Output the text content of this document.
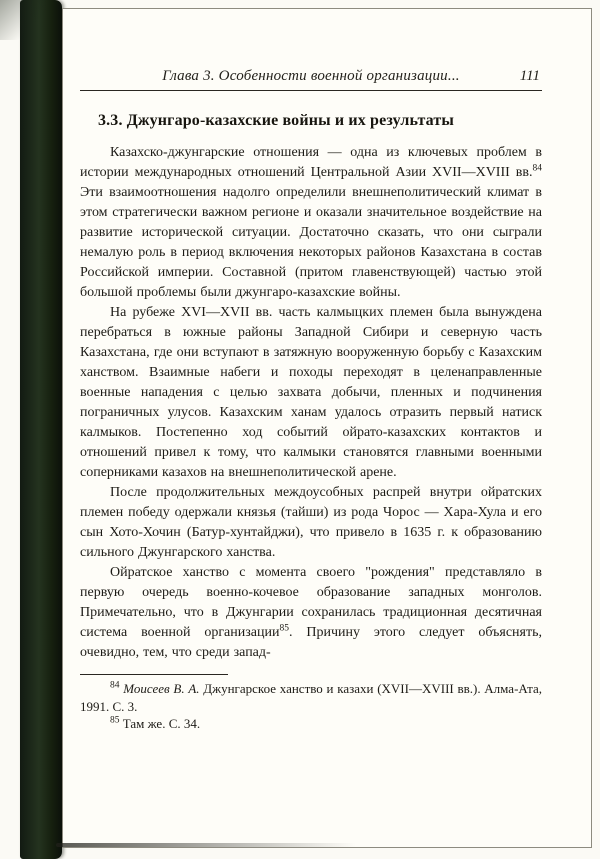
Глава 3. Особенности военной организации...	111
3.3. Джунгаро-казахские войны и их результаты

Казахско-джунгарские отношения — одна из ключевых проблем в истории международных отношений Центральной Азии XVII—XVIII вв.$^{84}$ Эти взаимоотношения надолго определили внешнеполитический климат в этом стратегически важном регионе и оказали значительное воздействие на развитие исторической ситуации. Достаточно сказать, что они сыграли немалую роль в период включения некоторых районов Казахстана в состав Российской империи. Составной (притом главенствующей) частью этой большой проблемы были джунгаро-казахские войны.

На рубеже XVI—XVII вв. часть калмыцких племен была вынуждена перебраться в южные районы Западной Сибири и северную часть Казахстана, где они вступают в затяжную вооруженную борьбу с Казахским ханством. Взаимные набеги и походы переходят в целенаправленные военные нападения с целью захвата добычи, пленных и подчинения пограничных улусов. Казахским ханам удалось отразить первый натиск калмыков. Постепенно ход событий ойрато-казахских контактов и отношений привел к тому, что калмыки становятся главными военными соперниками казахов на внешнеполитической арене.

После продолжительных междоусобных распрей внутри ойратских племен победу одержали князья (тайши) из рода Чорос — Хара-Хула и его сын Хото-Хочин (Батур-хунтайджи), что привело в 1635 г. к образованию сильного Джунгарского ханства.

Ойратское ханство с момента своего "рождения" представляло в первую очередь военно-кочевое образование западных монголов. Примечательно, что в Джунгарии сохранилась традиционная десятичная система военной организации$^{85}$. Причину этого следует объяснять, очевидно, тем, что среди запад-

$^{84}$ Моисеев В. А. Джунгарское ханство и казахи (XVII—XVIII вв.). Алма-Ата, 1991. С. 3.

$^{85}$ Там же. С. 34.
